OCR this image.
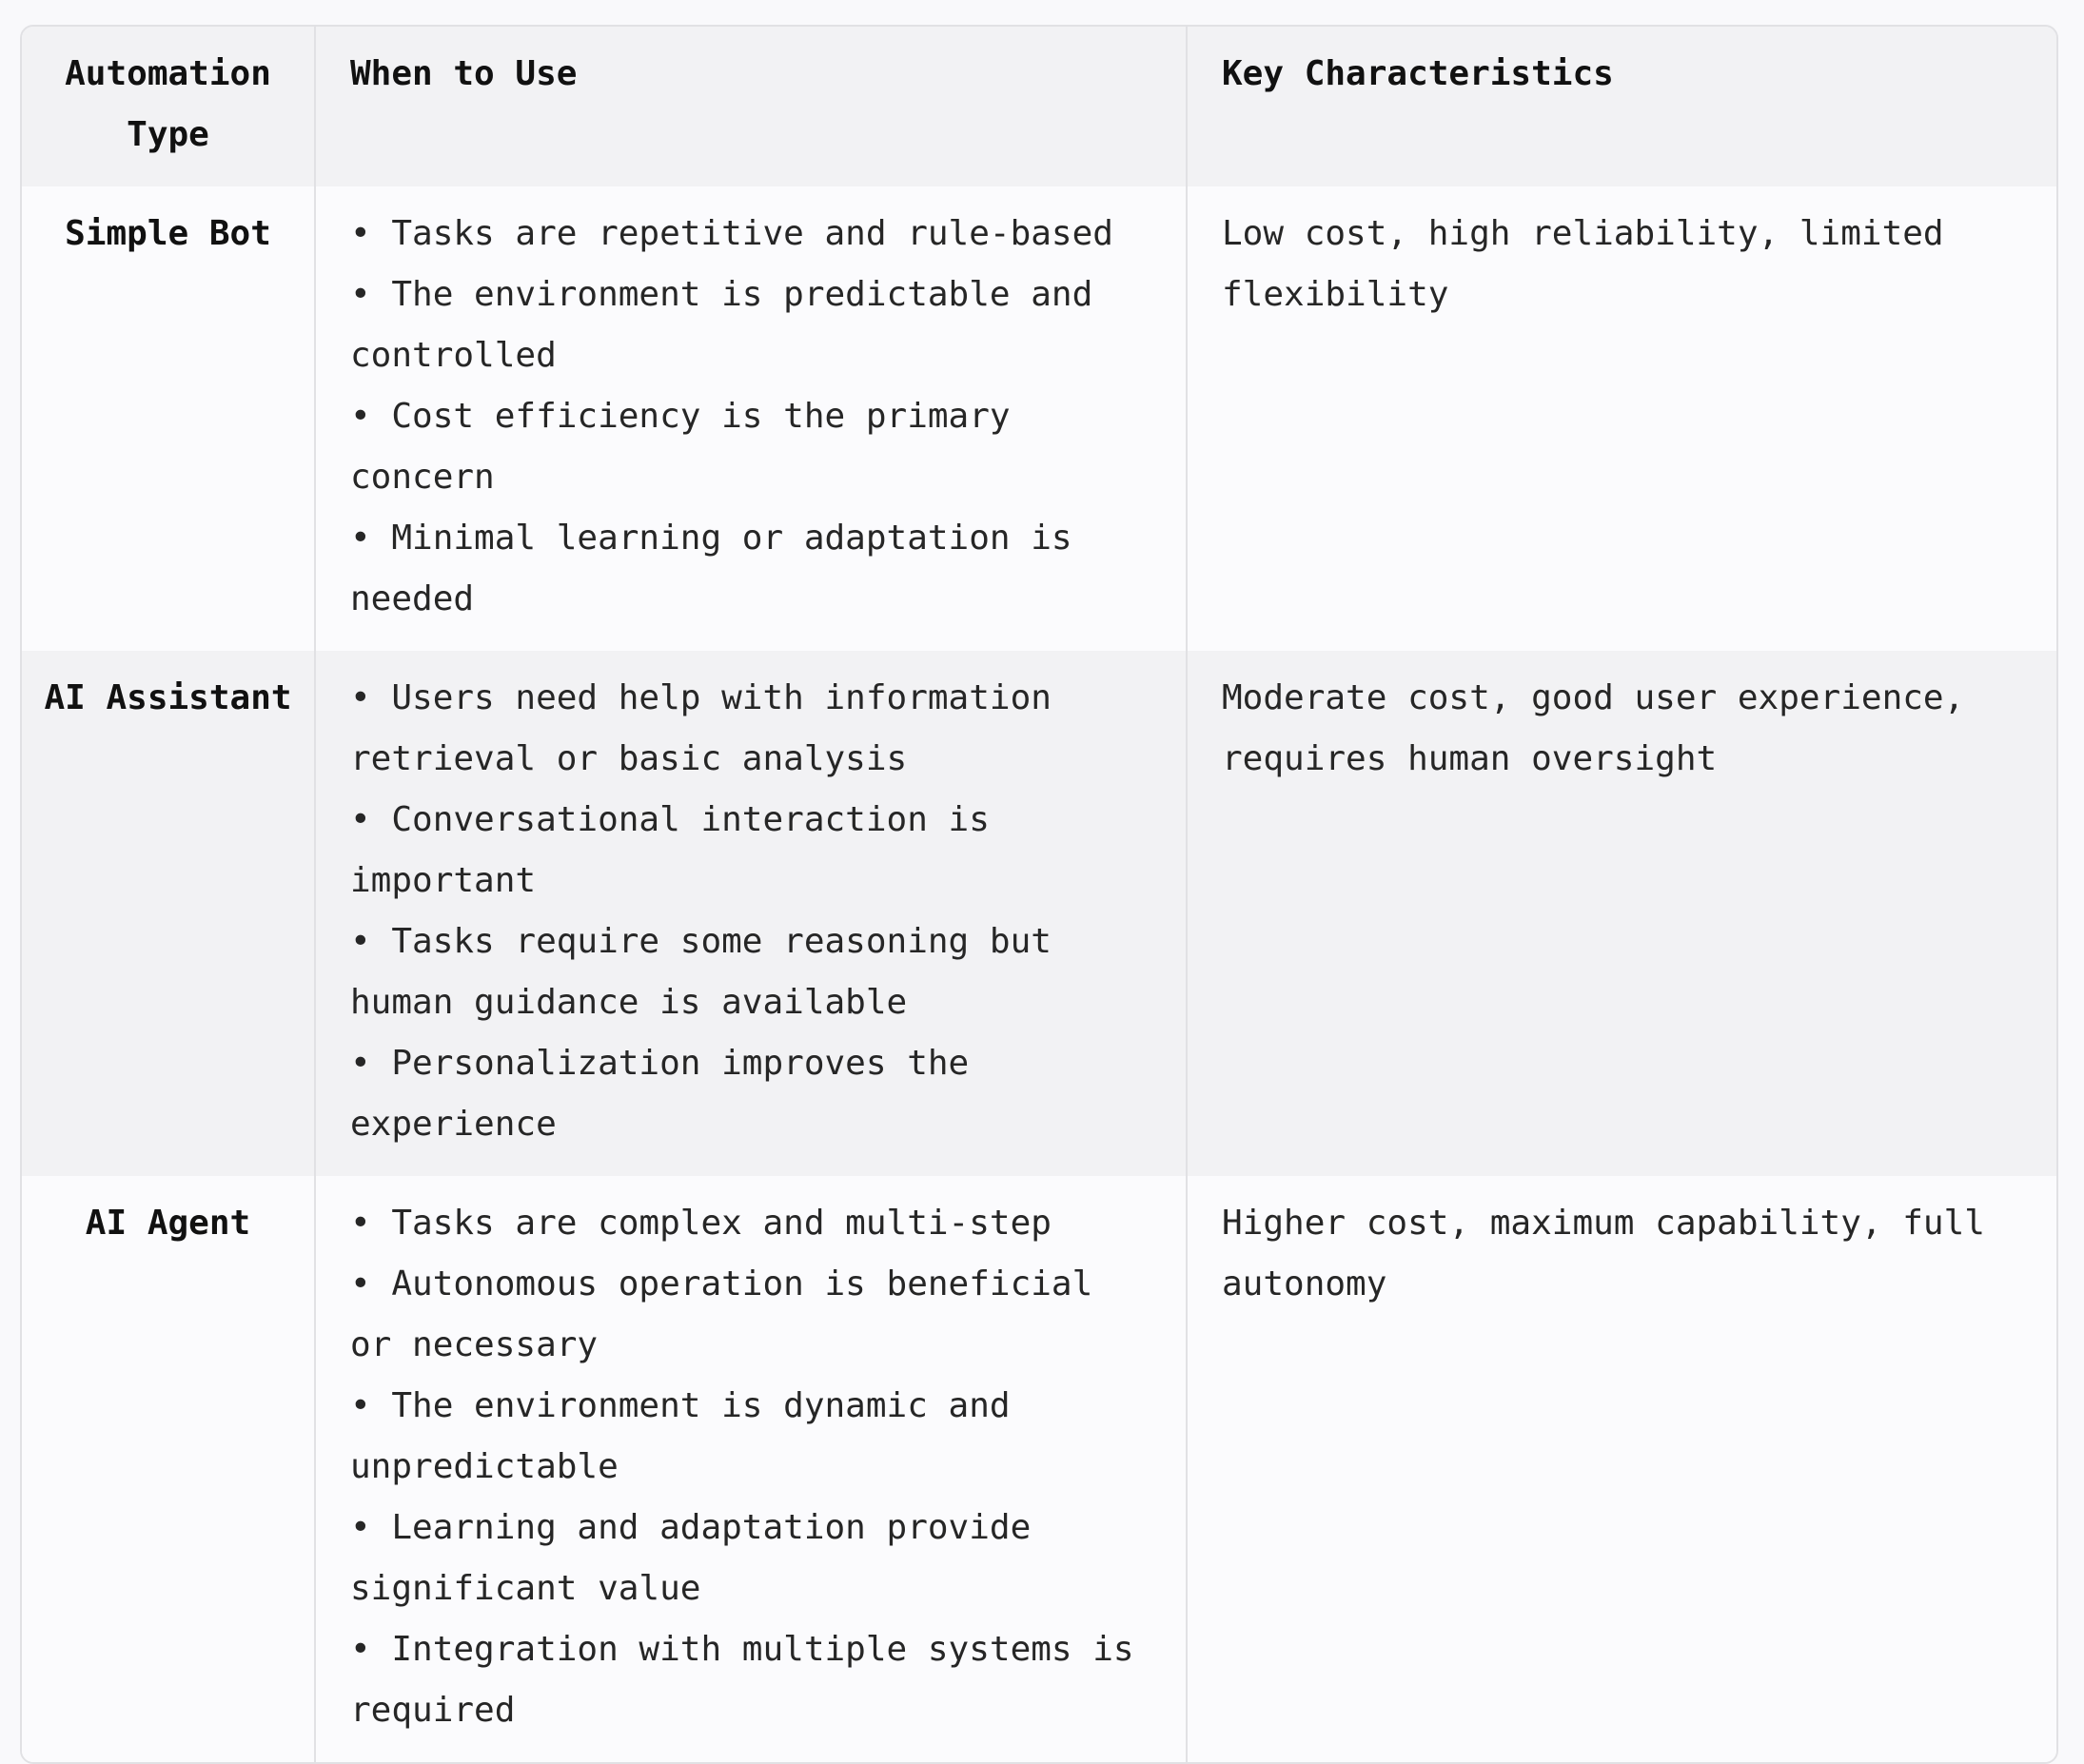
Automation Type	When to Use	Key Characteristics
Simple Bot	• Tasks are repetitive and rule-based
• The environment is predictable and controlled
• Cost efficiency is the primary concern
• Minimal learning or adaptation is needed	Low cost, high reliability, limited flexibility
AI Assistant	• Users need help with information retrieval or basic analysis
• Conversational interaction is important
• Tasks require some reasoning but human guidance is available
• Personalization improves the experience	Moderate cost, good user experience, requires human oversight
AI Agent	• Tasks are complex and multi-step
• Autonomous operation is beneficial or necessary
• The environment is dynamic and unpredictable
• Learning and adaptation provide significant value
• Integration with multiple systems is required	Higher cost, maximum capability, full autonomy
